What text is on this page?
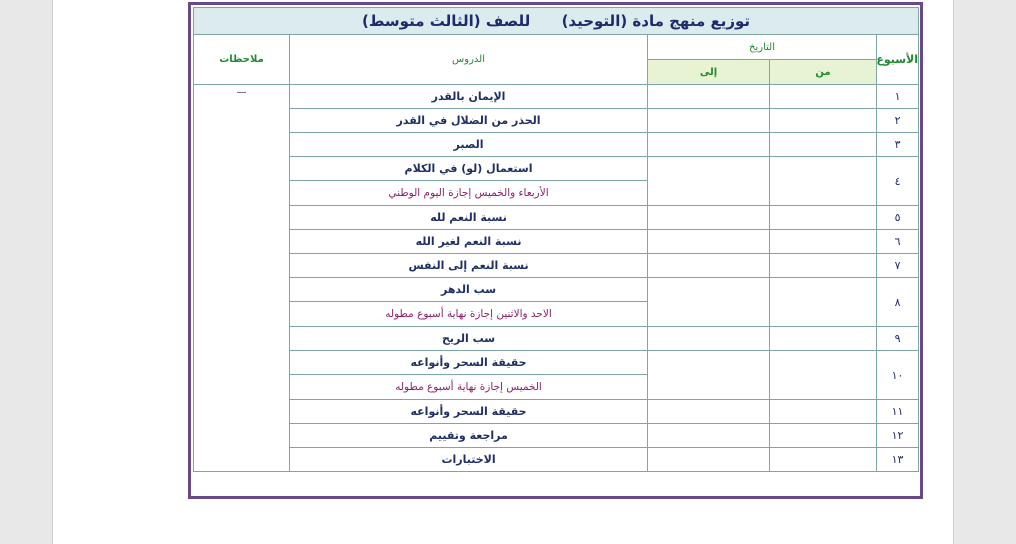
توزيع منهج مادة (التوحيد)      للصف (الثالث متوسط)				
الأسبوع	التاريخ		الدروس	ملاحظات
	من	إلى		
١			الإيمان بالقدر	—
٢			الحذر من الضلال في القدر	
٣			الصبر	
٤			استعمال (لو) في الكلام	
			الأربعاء والخميس إجازة اليوم الوطني	
٥			نسبة النعم لله	
٦			نسبة النعم لغير الله	
٧			نسبة النعم إلى النفس	
٨			سب الدهر	
			الاحد والاثنين إجازة نهاية أسبوع مطوله	
٩			سب الريح	
١٠			حقيقة السحر وأنواعه	
			الخميس إجازة نهاية أسبوع مطوله	
١١			حقيقة السحر وأنواعه	
١٢			مراجعة وتقييم	
١٣			الاختبارات	
